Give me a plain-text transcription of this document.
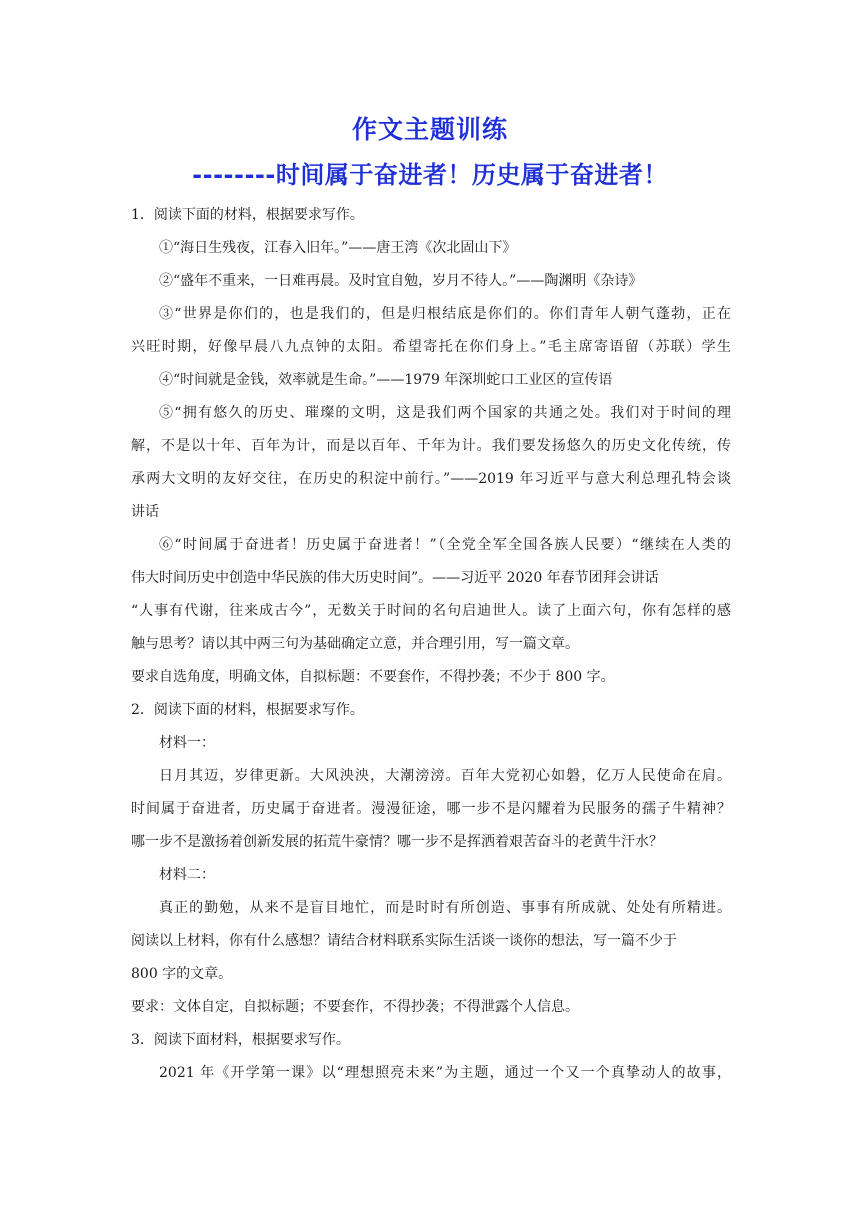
作文主题训练
--------时间属于奋进者！历史属于奋进者！
1．阅读下面的材料，根据要求写作。
①“海日生残夜，江春入旧年。”——唐王湾《次北固山下》
②“盛年不重来，一日难再晨。及时宜自勉，岁月不待人。”——陶渊明《杂诗》
③“世界是你们的，也是我们的，但是归根结底是你们的。你们青年人朝气蓬勃，正在
兴旺时期，好像早晨八九点钟的太阳。希望寄托在你们身上。”毛主席寄语留（苏联）学生
④“时间就是金钱，效率就是生命。”——1979 年深圳蛇口工业区的宣传语
⑤“拥有悠久的历史、璀璨的文明，这是我们两个国家的共通之处。我们对于时间的理
解，不是以十年、百年为计，而是以百年、千年为计。我们要发扬悠久的历史文化传统，传
承两大文明的友好交往，在历史的积淀中前行。”——2019 年习近平与意大利总理孔特会谈
讲话
⑥“时间属于奋进者！历史属于奋进者！”（全党全军全国各族人民要）“继续在人类的
伟大时间历史中创造中华民族的伟大历史时间”。——习近平 2020 年春节团拜会讲话
“人事有代谢，往来成古今”，无数关于时间的名句启迪世人。读了上面六句，你有怎样的感
触与思考？请以其中两三句为基础确定立意，并合理引用，写一篇文章。
要求自选角度，明确文体，自拟标题：不要套作，不得抄袭；不少于 800 字。
2．阅读下面的材料，根据要求写作。
材料一：
日月其迈，岁律更新。大风泱泱，大潮滂滂。百年大党初心如磐，亿万人民使命在肩。
时间属于奋进者，历史属于奋进者。漫漫征途，哪一步不是闪耀着为民服务的孺子牛精神？
哪一步不是激扬着创新发展的拓荒牛豪情？哪一步不是挥洒着艰苦奋斗的老黄牛汗水？
材料二：
真正的勤勉，从来不是盲目地忙，而是时时有所创造、事事有所成就、处处有所精进。
阅读以上材料，你有什么感想？请结合材料联系实际生活谈一谈你的想法，写一篇不少于
800 字的文章。
要求：文体自定，自拟标题；不要套作，不得抄袭；不得泄露个人信息。
3．阅读下面材料，根据要求写作。
2021 年《开学第一课》以“理想照亮未来”为主题，通过一个又一个真挚动人的故事，
